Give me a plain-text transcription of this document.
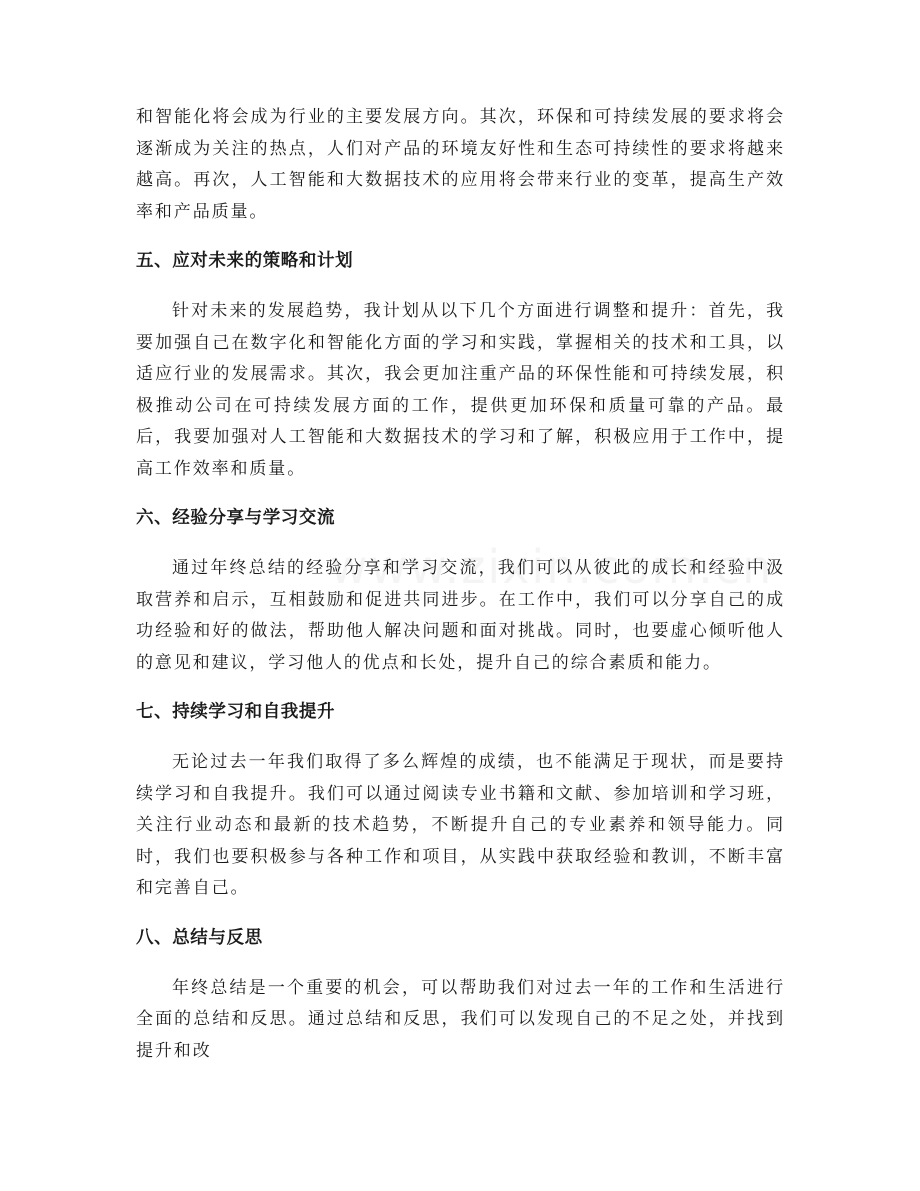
和智能化将会成为行业的主要发展方向。其次，环保和可持续发展的要求将会逐渐成为关注的热点，人们对产品的环境友好性和生态可持续性的要求将越来越高。再次，人工智能和大数据技术的应用将会带来行业的变革，提高生产效率和产品质量。

五、应对未来的策略和计划

针对未来的发展趋势，我计划从以下几个方面进行调整和提升：首先，我要加强自己在数字化和智能化方面的学习和实践，掌握相关的技术和工具，以适应行业的发展需求。其次，我会更加注重产品的环保性能和可持续发展，积极推动公司在可持续发展方面的工作，提供更加环保和质量可靠的产品。最后，我要加强对人工智能和大数据技术的学习和了解，积极应用于工作中，提高工作效率和质量。

六、经验分享与学习交流

通过年终总结的经验分享和学习交流，我们可以从彼此的成长和经验中汲取营养和启示，互相鼓励和促进共同进步。在工作中，我们可以分享自己的成功经验和好的做法，帮助他人解决问题和面对挑战。同时，也要虚心倾听他人的意见和建议，学习他人的优点和长处，提升自己的综合素质和能力。

七、持续学习和自我提升

无论过去一年我们取得了多么辉煌的成绩，也不能满足于现状，而是要持续学习和自我提升。我们可以通过阅读专业书籍和文献、参加培训和学习班，关注行业动态和最新的技术趋势，不断提升自己的专业素养和领导能力。同时，我们也要积极参与各种工作和项目，从实践中获取经验和教训，不断丰富和完善自己。

八、总结与反思

年终总结是一个重要的机会，可以帮助我们对过去一年的工作和生活进行全面的总结和反思。通过总结和反思，我们可以发现自己的不足之处，并找到提升和改
